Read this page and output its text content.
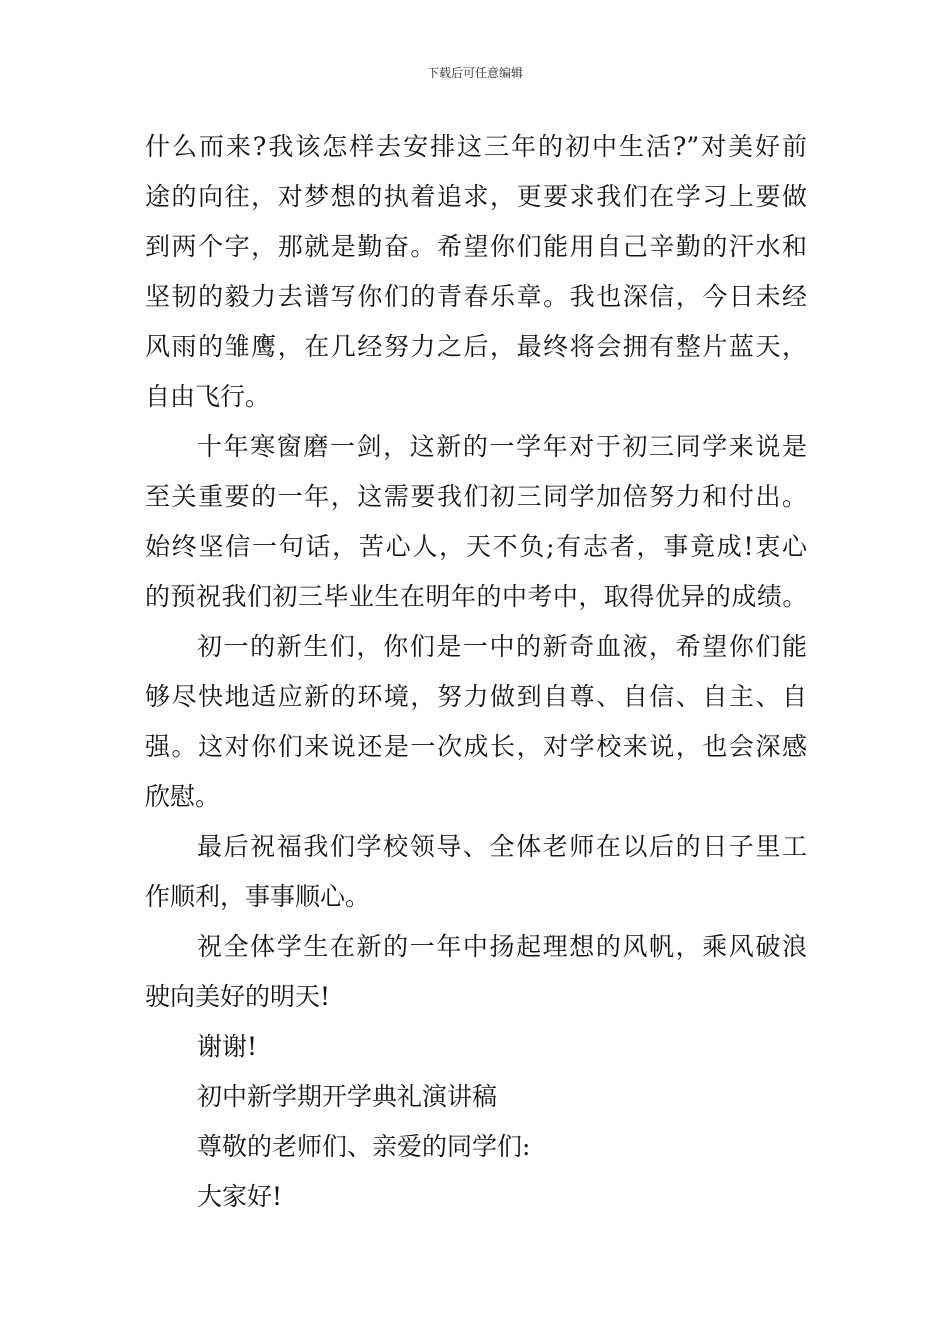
下载后可任意编辑
什么而来?我该怎样去安排这三年的初中生活?”对美好前
途的向往，对梦想的执着追求，更要求我们在学习上要做
到两个字，那就是勤奋。希望你们能用自己辛勤的汗水和
坚韧的毅力去谱写你们的青春乐章。我也深信，今日未经
风雨的雏鹰，在几经努力之后，最终将会拥有整片蓝天，
自由飞行。
十年寒窗磨一剑，这新的一学年对于初三同学来说是
至关重要的一年，这需要我们初三同学加倍努力和付出。
始终坚信一句话，苦心人，天不负;有志者，事竟成!衷心
的预祝我们初三毕业生在明年的中考中，取得优异的成绩。
初一的新生们，你们是一中的新奇血液，希望你们能
够尽快地适应新的环境，努力做到自尊、自信、自主、自
强。这对你们来说还是一次成长，对学校来说，也会深感
欣慰。
最后祝福我们学校领导、全体老师在以后的日子里工
作顺利，事事顺心。
祝全体学生在新的一年中扬起理想的风帆，乘风破浪
驶向美好的明天!
谢谢!
初中新学期开学典礼演讲稿
尊敬的老师们、亲爱的同学们:
大家好!
